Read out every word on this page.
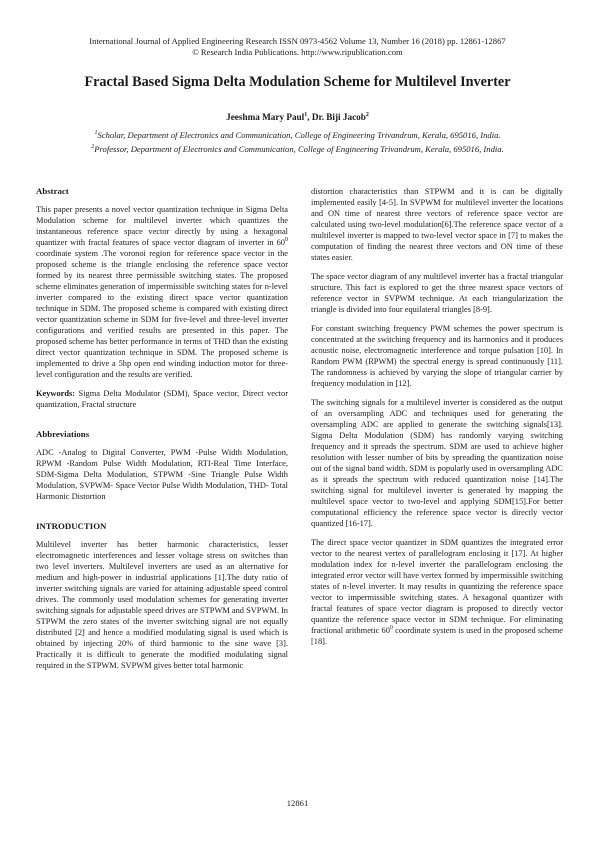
International Journal of Applied Engineering Research ISSN 0973-4562 Volume 13, Number 16 (2018) pp. 12861-12867
© Research India Publications. http://www.ripublication.com
Fractal Based Sigma Delta Modulation Scheme for Multilevel Inverter
Jeeshma Mary Paul$^1$, Dr. Biji Jacob$^2$
$^1$Scholar, Department of Electronics and Communication, College of Engineering Trivandrum, Kerala, 695016, India.
$^2$Professor, Department of Electronics and Communication, College of Engineering Trivandrum, Kerala, 695016, India.
Abstract

This paper presents a novel vector quantization technique in Sigma Delta Modulation scheme for multilevel inverter which quantizes the instantaneous reference space vector directly by using a hexagonal quantizer with fractal features of space vector diagram of inverter in $60^0$ coordinate system .The voronoi region for reference space vector in the proposed scheme is the triangle enclosing the reference space vector formed by its nearest three permissible switching states. The proposed scheme eliminates generation of impermissible switching states for n-level inverter compared to the existing direct space vector quantization technique in SDM. The proposed scheme is compared with existing direct vector quantization scheme in SDM for five-level and three-level inverter configurations and verified results are presented in this paper. The proposed scheme has better performance in terms of THD than the existing direct vector quantization technique in SDM. The proposed scheme is implemented to drive a 5hp open end winding induction motor for three-level configuration and the results are verified.

Keywords: Sigma Delta Modulator (SDM), Space vector, Direct vector quantization, Fractal structure

Abbreviations

ADC -Analog to Digital Converter, PWM -Pulse Width Modulation, RPWM -Random Pulse Width Modulation, RTI-Real Time Interface, SDM-Sigma Delta Modulation, STPWM -Sine Triangle Pulse Width Modulation, SVPWM- Space Vector Pulse Width Modulation, THD- Total Harmonic Distortion

INTRODUCTION

Multilevel inverter has better harmonic characteristics, lesser electromagnetic interferences and lesser voltage stress on switches than two level inverters. Multilevel inverters are used as an alternative for medium and high-power in industrial applications [1].The duty ratio of inverter switching signals are varied for attaining adjustable speed control drives. The commonly used modulation schemes for generating inverter switching signals for adjustable speed drives are STPWM and SVPWM. In STPWM the zero states of the inverter switching signal are not equally distributed [2] and hence a modified modulating signal is used which is obtained by injecting 20% of third harmonic to the sine wave [3]. Practically it is difficult to generate the modified modulating signal required in the STPWM. SVPWM gives better total harmonic

distortion characteristics than STPWM and it is can be digitally implemented easily [4-5]. In SVPWM for multilevel inverter the locations and ON time of nearest three vectors of reference space vector are calculated using two-level modulation[6].The reference space vector of a multilevel inverter is mapped to two-level vector space in [7] to makes the computation of finding the nearest three vectors and ON time of these states easier.

The space vector diagram of any multilevel inverter has a fractal triangular structure. This fact is explored to get the three nearest space vectors of reference vector in SVPWM technique. At each triangularization the triangle is divided into four equilateral triangles [8-9].

For constant switching frequency PWM schemes the power spectrum is concentrated at the switching frequency and its harmonics and it produces acoustic noise, electromagnetic interference and torque pulsation [10]. In Random PWM (RPWM) the spectral energy is spread continuously [11]. The randomness is achieved by varying the slope of triangular carrier by frequency modulation in [12].

The switching signals for a multilevel inverter is considered as the output of an oversampling ADC and techniques used for generating the oversampling ADC are applied to generate the switching signals[13]. Sigma Delta Modulation (SDM) has randomly varying switching frequency and it spreads the spectrum. SDM are used to achieve higher resolution with lesser number of bits by spreading the quantization noise out of the signal band width. SDM is popularly used in oversampling ADC as it spreads the spectrum with reduced quantization noise [14].The switching signal for multilevel inverter is generated by mapping the multilevel space vector to two-level and applying SDM[15].For better computational efficiency the reference space vector is directly vector quantized [16-17].

The direct space vector quantizer in SDM quantizes the integrated error vector to the nearest vertex of parallelogram enclosing it [17]. At higher modulation index for n-level inverter the parallelogram enclosing the integrated error vector will have vertex formed by impermissible switching states of n-level inverter. It may results in quantizing the reference space vector to impermissible switching states. A hexagonal quantizer with fractal features of space vector diagram is proposed to directly vector quantize the reference space vector in SDM technique. For eliminating fractional arithmetic $60^0$ coordinate system is used in the proposed scheme [18].

12861
